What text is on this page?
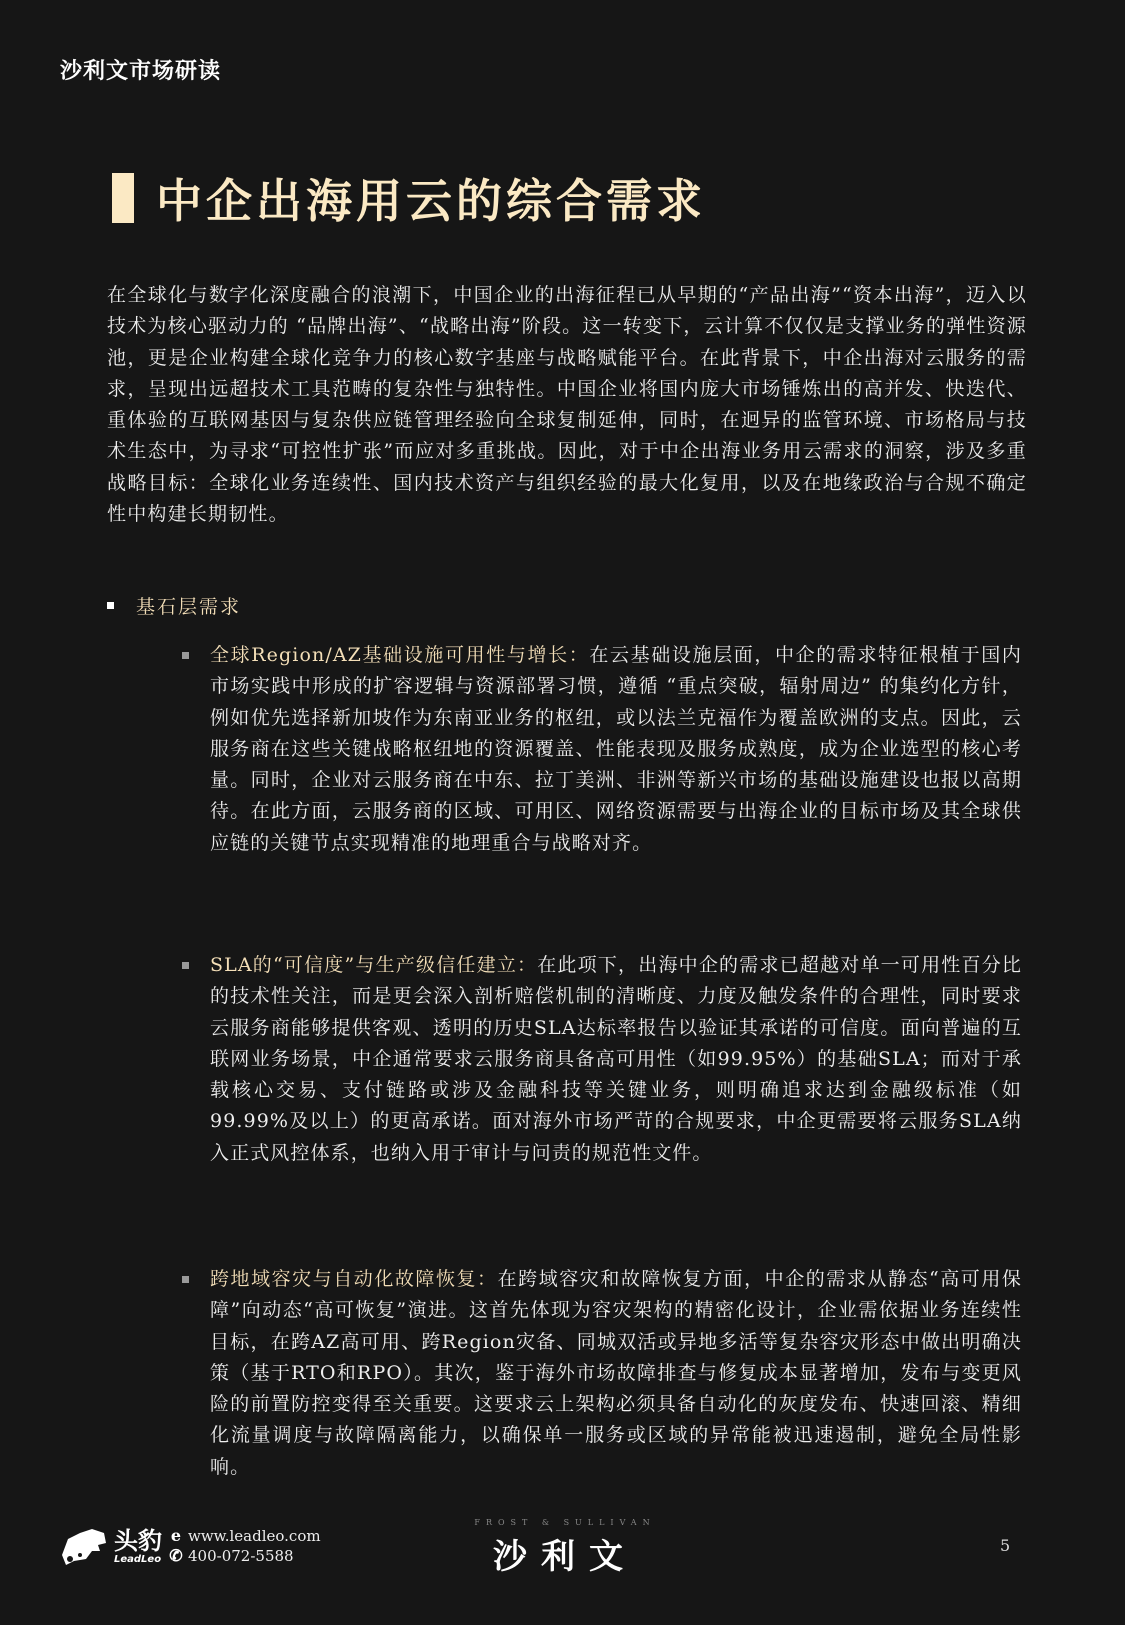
沙利文市场研读
中企出海用云的综合需求
在全球化与数字化深度融合的浪潮下，中国企业的出海征程已从早期的“产品出海”“资本出海”，迈入以技术为核心驱动力的 “品牌出海”、“战略出海”阶段。这一转变下，云计算不仅仅是支撑业务的弹性资源池，更是企业构建全球化竞争力的核心数字基座与战略赋能平台。在此背景下，中企出海对云服务的需求，呈现出远超技术工具范畴的复杂性与独特性。中国企业将国内庞大市场锤炼出的高并发、快迭代、重体验的互联网基因与复杂供应链管理经验向全球复制延伸，同时，在迥异的监管环境、市场格局与技术生态中，为寻求“可控性扩张”而应对多重挑战。因此，对于中企出海业务用云需求的洞察，涉及多重战略目标：全球化业务连续性、国内技术资产与组织经验的最大化复用，以及在地缘政治与合规不确定性中构建长期韧性。
基石层需求
全球Region/AZ基础设施可用性与增长：在云基础设施层面，中企的需求特征根植于国内市场实践中形成的扩容逻辑与资源部署习惯，遵循 “重点突破，辐射周边” 的集约化方针，例如优先选择新加坡作为东南亚业务的枢纽，或以法兰克福作为覆盖欧洲的支点。因此，云服务商在这些关键战略枢纽地的资源覆盖、性能表现及服务成熟度，成为企业选型的核心考量。同时，企业对云服务商在中东、拉丁美洲、非洲等新兴市场的基础设施建设也报以高期待。在此方面，云服务商的区域、可用区、网络资源需要与出海企业的目标市场及其全球供应链的关键节点实现精准的地理重合与战略对齐。
SLA的“可信度”与生产级信任建立：在此项下，出海中企的需求已超越对单一可用性百分比的技术性关注，而是更会深入剖析赔偿机制的清晰度、力度及触发条件的合理性，同时要求云服务商能够提供客观、透明的历史SLA达标率报告以验证其承诺的可信度。面向普遍的互联网业务场景，中企通常要求云服务商具备高可用性（如99.95%）的基础SLA；而对于承载核心交易、支付链路或涉及金融科技等关键业务，则明确追求达到金融级标准（如99.99%及以上）的更高承诺。面对海外市场严苛的合规要求，中企更需要将云服务SLA纳入正式风控体系，也纳入用于审计与问责的规范性文件。
跨地域容灾与自动化故障恢复：在跨域容灾和故障恢复方面，中企的需求从静态“高可用保障”向动态“高可恢复”演进。这首先体现为容灾架构的精密化设计，企业需依据业务连续性目标，在跨AZ高可用、跨Region灾备、同城双活或异地多活等复杂容灾形态中做出明确决策（基于RTO和RPO）。其次，鉴于海外市场故障排查与修复成本显著增加，发布与变更风险的前置防控变得至关重要。这要求云上架构必须具备自动化的灰度发布、快速回滚、精细化流量调度与故障隔离能力，以确保单一服务或区域的异常能被迅速遏制，避免全局性影响。
头豹
LeadLeo
e www.leadleo.com
✆ 400-072-5588
FROST & SULLIVAN
沙利文	5
